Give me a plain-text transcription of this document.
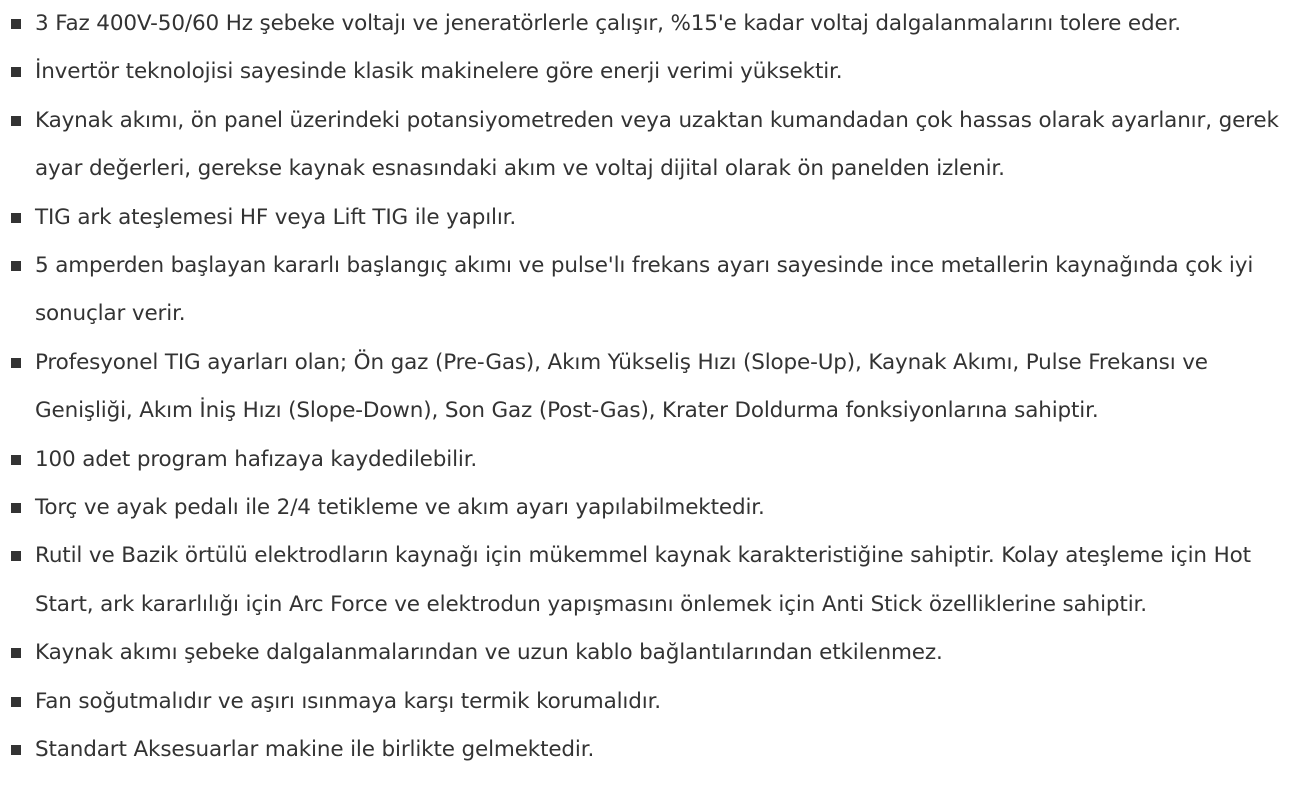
3 Faz 400V-50/60 Hz şebeke voltajı ve jeneratörlerle çalışır, %15'e kadar voltaj dalgalanmalarını tolere eder.
İnvertör teknolojisi sayesinde klasik makinelere göre enerji verimi yüksektir.
Kaynak akımı, ön panel üzerindeki potansiyometreden veya uzaktan kumandadan çok hassas olarak ayarlanır, gerek ayar değerleri, gerekse kaynak esnasındaki akım ve voltaj dijital olarak ön panelden izlenir.
TIG ark ateşlemesi HF veya Lift TIG ile yapılır.
5 amperden başlayan kararlı başlangıç akımı ve pulse'lı frekans ayarı sayesinde ince metallerin kaynağında çok iyi sonuçlar verir.
Profesyonel TIG ayarları olan; Ön gaz (Pre-Gas), Akım Yükseliş Hızı (Slope-Up), Kaynak Akımı, Pulse Frekansı ve Genişliği, Akım İniş Hızı (Slope-Down), Son Gaz (Post-Gas), Krater Doldurma fonksiyonlarına sahiptir.
100 adet program hafızaya kaydedilebilir.
Torç ve ayak pedalı ile 2/4 tetikleme ve akım ayarı yapılabilmektedir.
Rutil ve Bazik örtülü elektrodların kaynağı için mükemmel kaynak karakteristiğine sahiptir. Kolay ateşleme için Hot Start, ark kararlılığı için Arc Force ve elektrodun yapışmasını önlemek için Anti Stick özelliklerine sahiptir.
Kaynak akımı şebeke dalgalanmalarından ve uzun kablo bağlantılarından etkilenmez.
Fan soğutmalıdır ve aşırı ısınmaya karşı termik korumalıdır.
Standart Aksesuarlar makine ile birlikte gelmektedir.
